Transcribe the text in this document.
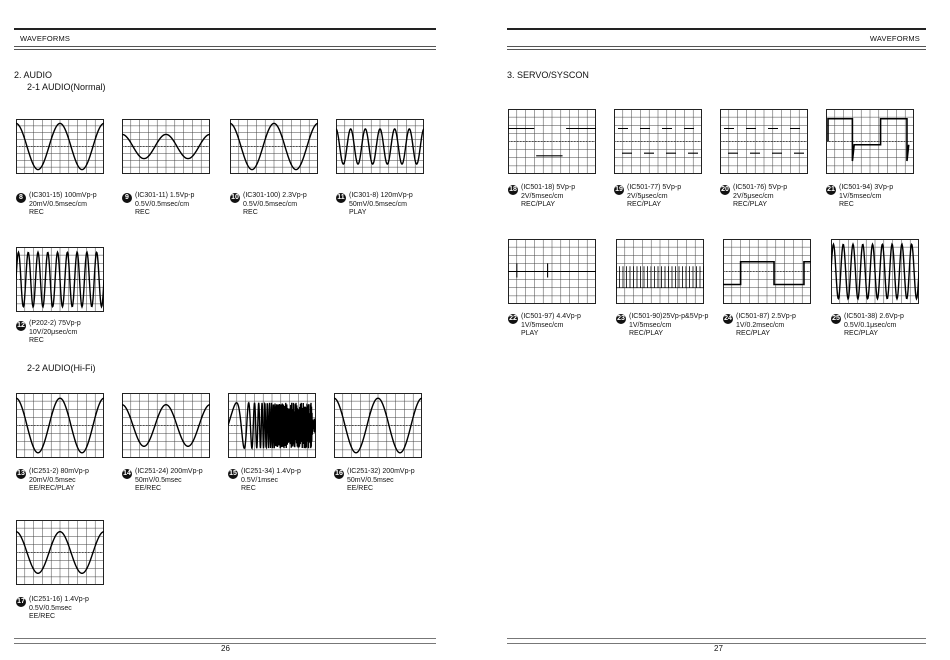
WAVEFORMS
2. AUDIO
2-1 AUDIO(Normal)
2-2 AUDIO(Hi-Fi)
26
WAVEFORMS
3. SERVO/SYSCON
27
8 (IC301-15) 100mVp-p
20mV/0.5msec/cm
REC
9 (IC301-11) 1.5Vp-p
0.5V/0.5msec/cm
REC
10 (IC301-100) 2.3Vp-p
0.5V/0.5msec/cm
REC
11 (IC301-8) 120mVp-p
50mV/0.5msec/cm
PLAY
12 (P202-2) 75Vp-p
10V/20μsec/cm
REC
13 (IC251-2) 80mVp-p
20mV/0.5msec
EE/REC/PLAY
14 (IC251-24) 200mVp-p
50mV/0.5msec
EE/REC
15 (IC251-34) 1.4Vp-p
0.5V/1msec
REC
16 (IC251-32) 200mVp-p
50mV/0.5msec
EE/REC
17 (IC251-16) 1.4Vp-p
0.5V/0.5msec
EE/REC
18 (IC501-18) 5Vp-p
2V/5msec/cm
REC/PLAY
19 (IC501-77) 5Vp-p
2V/5μsec/cm
REC/PLAY
20 (IC501-76) 5Vp-p
2V/5μsec/cm
REC/PLAY
21 (IC501-94) 3Vp-p
1V/5msec/cm
REC
22 (IC501-97) 4.4Vp-p
1V/5msec/cm
PLAY
23 (IC501-90)25Vp-p&5Vp-p
1V/5msec/cm
REC/PLAY
24 (IC501-87) 2.5Vp-p
1V/0.2msec/cm
REC/PLAY
25 (IC501-38) 2.6Vp-p
0.5V/0.1μsec/cm
REC/PLAY
